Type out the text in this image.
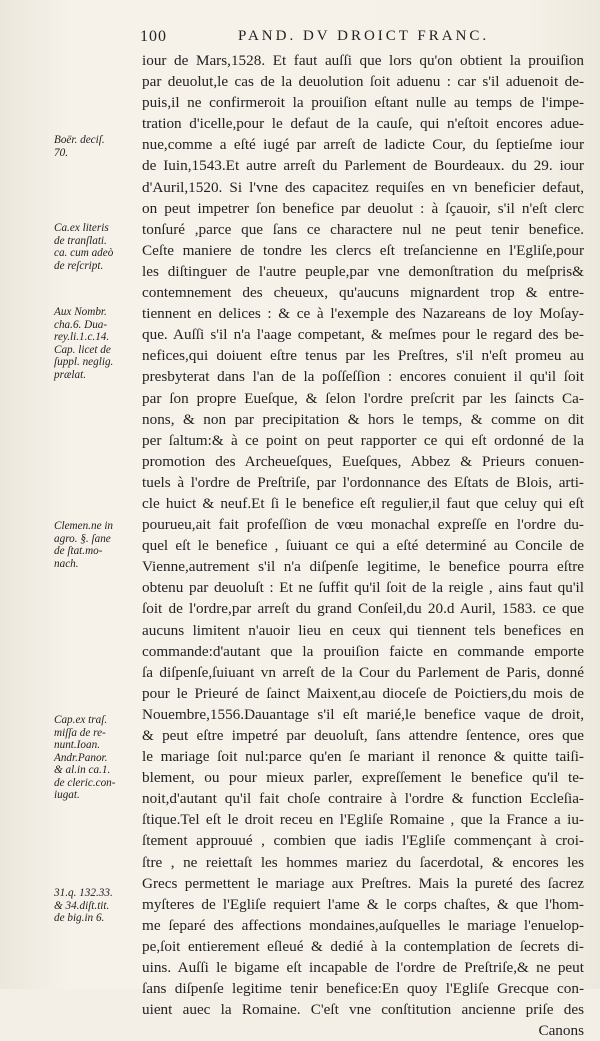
100	PAND. DV DROICT FRANC.
iour de Mars,1528. Et faut auſſi que lors qu'on obtient la prouiſion
par deuolut,le cas de la deuolution ſoit aduenu : car s'il aduenoit de-
puis,il ne confirmeroit la prouiſion eſtant nulle au temps de l'impe-
tration d'icelle,pour le defaut de la cauſe, qui n'eſtoit encores adue-
nue,comme a eſté iugé par arreſt de ladicte Cour, du ſeptieſme iour
de Iuin,1543.Et autre arreſt du Parlement de Bourdeaux. du 29. iour
d'Auril,1520. Si l'vne des capacitez requiſes en vn beneficier defaut,
on peut impetrer ſon benefice par deuolut : à ſçauoir, s'il n'eſt clerc
tonſuré ,parce que ſans ce charactere nul ne peut tenir benefice.
Ceſte maniere de tondre les clercs eſt treſancienne en l'Egliſe,pour
les diſtinguer de l'autre peuple,par vne demonſtration du meſpris&
contemnement des cheueux, qu'aucuns mignardent trop & entre-
tiennent en delices : & ce à l'exemple des Nazareans de loy Moſay-
que. Auſſi s'il n'a l'aage competant, & meſmes pour le regard des be-
nefices,qui doiuent eſtre tenus par les Preſtres, s'il n'eſt promeu au
presbyterat dans l'an de la poſſeſſion : encores conuient il qu'il ſoit
par ſon propre Eueſque, & ſelon l'ordre preſcrit par les ſaincts Ca-
nons, & non par precipitation & hors le temps, & comme on dit
per ſaltum:& à ce point on peut rapporter ce qui eſt ordonné de la
promotion des Archeueſques, Eueſques, Abbez & Prieurs conuen-
tuels à l'ordre de Preſtriſe, par l'ordonnance des Eſtats de Blois, arti-
cle huict & neuf.Et ſi le benefice eſt regulier,il faut que celuy qui eſt
pourueu,ait fait profeſſion de vœu monachal expreſſe en l'ordre du-
quel eſt le benefice , ſuiuant ce qui a eſté determiné au Concile de
Vienne,autrement s'il n'a diſpenſe legitime, le benefice pourra eſtre
obtenu par deuoluſt : Et ne ſuffit qu'il ſoit de la reigle , ains faut qu'il
ſoit de l'ordre,par arreſt du grand Conſeil,du 20.d Auril, 1583. ce que
aucuns limitent n'auoir lieu en ceux qui tiennent tels benefices en
commande:d'autant que la prouiſion faicte en commande emporte
ſa diſpenſe,ſuiuant vn arreſt de la Cour du Parlement de Paris, donné
pour le Prieuré de ſainct Maixent,au dioceſe de Poictiers,du mois de
Nouembre,1556.Dauantage s'il eſt marié,le benefice vaque de droit,
& peut eſtre impetré par deuoluſt, ſans attendre ſentence, ores que
le mariage ſoit nul:parce qu'en ſe mariant il renonce & quitte taiſi-
blement, ou pour mieux parler, expreſſement le benefice qu'il te-
noit,d'autant qu'il fait choſe contraire à l'ordre & function Eccleſia-
ſtique.Tel eſt le droit receu en l'Egliſe Romaine , que la France a iu-
ſtement approuué , combien que iadis l'Egliſe commençant à croi-
ſtre , ne reiettaſt les hommes mariez du ſacerdotal, & encores les
Grecs permettent le mariage aux Preſtres. Mais la pureté des ſacrez
myſteres de l'Egliſe requiert l'ame & le corps chaſtes, & que l'hom-
me ſeparé des affections mondaines,auſquelles le mariage l'enuelop-
pe,ſoit entierement eſleué & dedié à la contemplation de ſecrets di-
uins. Auſſi le bigame eſt incapable de l'ordre de Preſtriſe,& ne peut
ſans diſpenſe legitime tenir benefice:En quoy l'Egliſe Grecque con-
uient auec la Romaine. C'eſt vne conſtitution ancienne priſe des
Canons
Boër. deciſ.
70.
Ca.ex literis
de tranſlati.
ca. cum adeò
de reſcript.
Aux Nombr.
cha.6. Dua-
rey.li.1.c.14.
Cap. licet de
ſuppl. neglig.
prælat.
Clemen.ne in
agro. §. ſane
de ſtat.mo-
nach.
Cap.ex traſ.
miſſa de re-
nunt.Ioan.
Andr.Panor.
& al.in ca.1.
de cleric.con-
iugat.
31.q. 132.33.
& 34.diſt.tit.
de big.in 6.
